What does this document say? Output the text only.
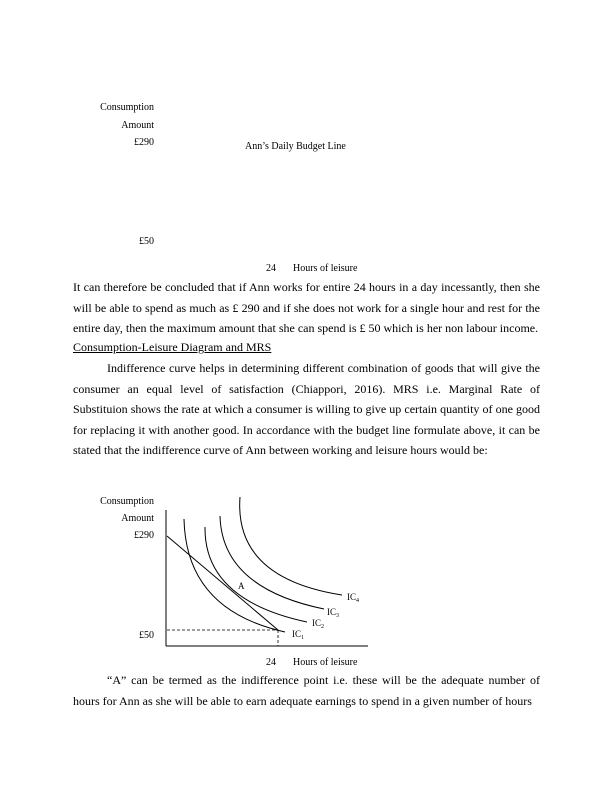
Consumption
Amount
£290	Ann’s Daily Budget Line
£50
24 Hours of leisure
It can therefore be concluded that if Ann works for entire 24 hours in a day incessantly, then she will be able to spend as much as £ 290 and if she does not work for a single hour and rest for the entire day, then the maximum amount that she can spend is £ 50 which is her non labour income.
Consumption-Leisure Diagram and MRS
Indifference curve helps in determining different combination of goods that will give the consumer an equal level of satisfaction (Chiappori, 2016). MRS i.e. Marginal Rate of Substituion shows the rate at which a consumer is willing to give up certain quantity of one good for replacing it with another good. In accordance with the budget line formulate above, it can be stated that the indifference curve of Ann between working and leisure hours would be:
Consumption
Amount
£290
£50
A
$IC_1$
$IC_2$
$IC_3$
$IC_4$
24 Hours of leisure
“A” can be termed as the indifference point i.e. these will be the adequate number of hours for Ann as she will be able to earn adequate earnings to spend in a given number of hours
